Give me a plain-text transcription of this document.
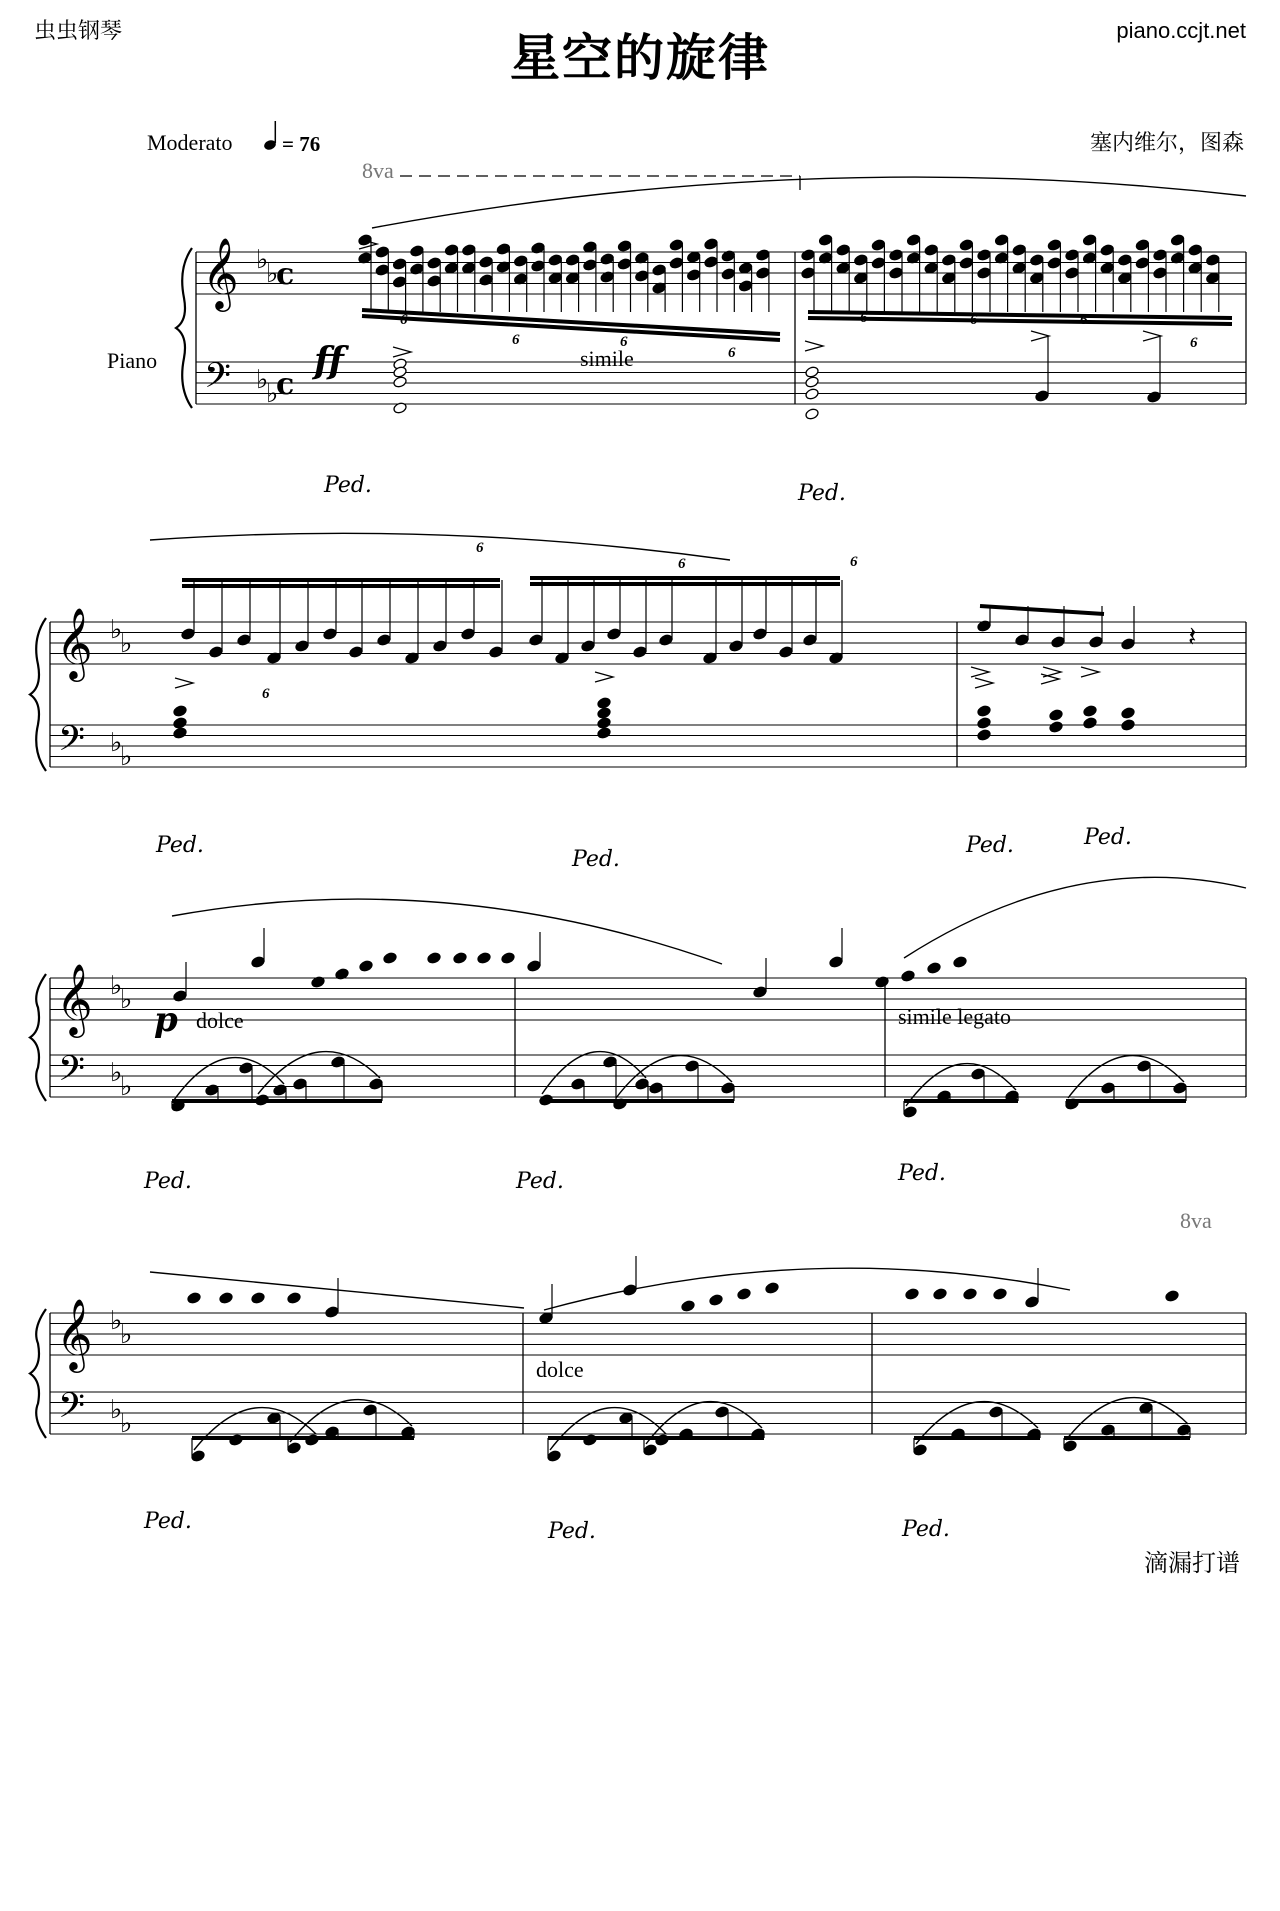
虫虫钢琴	星空的旋律	piano.ccjt.net
塞内维尔，图森
Moderato = 76
Piano
𝄞
𝄢
♭
♭
♭
♭
c
c
𝄞
𝄢
♭
♭
♭
♭
𝄞
𝄢
♭
♭
♭
♭
𝄞
𝄢
♭
♭
♭
♭
6
6	6
6
6	6	6
6
Ped.	Ped.
6
6
6	6
𝄽
Ped.
Ped.
Ped.	Ped.
Ped.	Ped.	Ped.
Ped.	Ped.	Ped.
ff	simile
p dolce	simile legato
dolce
8va
8va
滴漏打谱
